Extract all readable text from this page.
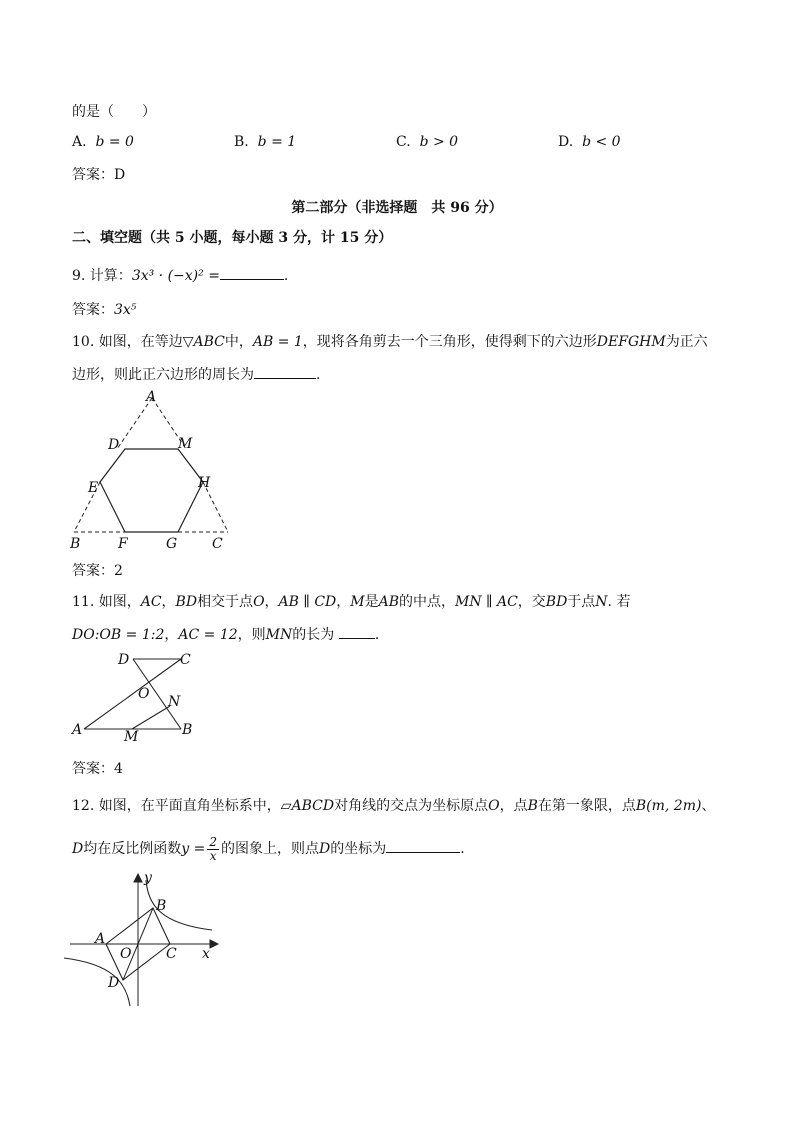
的是（　　）
A. b = 0	B. b = 1	C. b > 0	D. b < 0
答案：D
第二部分（非选择题　共 96 分）
二、填空题（共 5 小题，每小题 3 分，计 15 分）
9. 计算：3x³ · (−x)² =	.
答案：3x⁵
10. 如图，在等边▽ABC中，AB = 1，现将各角剪去一个三角形，使得剩下的六边形DEFGHM为正六
边形，则此正六边形的周长为	.
A
D	M
E	H
B	F	G C
答案：2
11. 如图，AC，BD相交于点O，AB ∥ CD，M是AB的中点，MN ∥ AC，交BD于点N. 若
DO:OB = 1:2，AC = 12，则MN的长为	.
D	C
O N
A	M	B
答案：4
12. 如图，在平面直角坐标系中，▱ABCD对角线的交点为坐标原点O，点B在第一象限，点B(m, 2m)、
D均在反比例函数$y = \frac{2}{x}$ 的图象上，则点D的坐标为	.
y
x
B
A
O C
D
